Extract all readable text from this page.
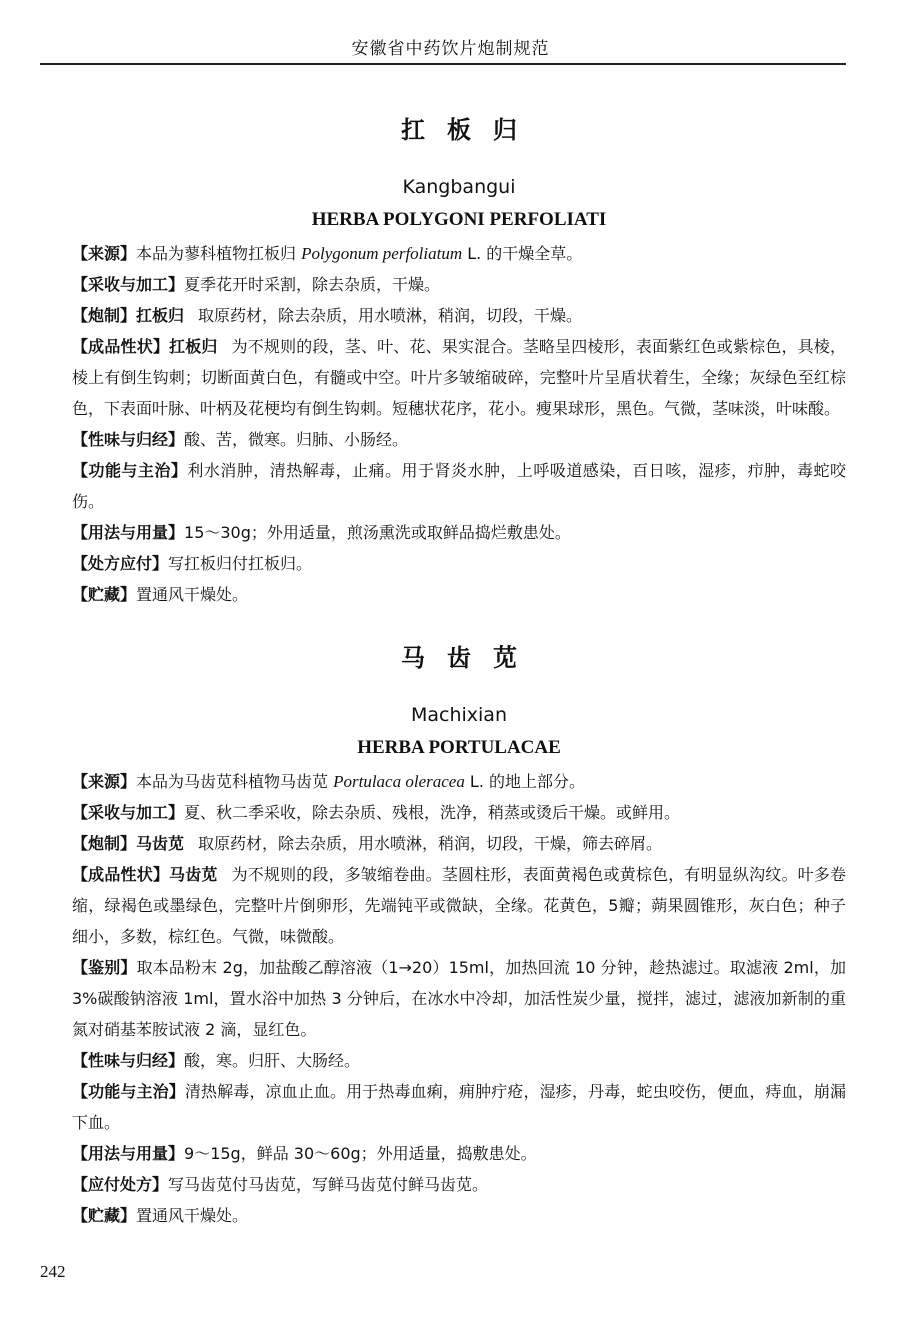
安徽省中药饮片炮制规范
扛板归
Kangbangui
HERBA POLYGONI PERFOLIATI

【来源】本品为蓼科植物扛板归 Polygonum perfoliatum L. 的干燥全草。

【采收与加工】夏季花开时采割，除去杂质，干燥。

【炮制】扛板归 取原药材，除去杂质，用水喷淋，稍润，切段，干燥。

【成品性状】扛板归 为不规则的段，茎、叶、花、果实混合。茎略呈四棱形，表面紫红色或紫棕色，具棱，棱上有倒生钩刺；切断面黄白色，有髓或中空。叶片多皱缩破碎，完整叶片呈盾状着生，全缘；灰绿色至红棕色，下表面叶脉、叶柄及花梗均有倒生钩刺。短穗状花序，花小。瘦果球形，黑色。气微，茎味淡，叶味酸。

【性味与归经】酸、苦，微寒。归肺、小肠经。

【功能与主治】利水消肿，清热解毒，止痛。用于肾炎水肿，上呼吸道感染，百日咳，湿疹，疖肿，毒蛇咬伤。

【用法与用量】15～30g；外用适量，煎汤熏洗或取鲜品捣烂敷患处。

【处方应付】写扛板归付扛板归。

【贮藏】置通风干燥处。

马齿苋
Machixian
HERBA PORTULACAE

【来源】本品为马齿苋科植物马齿苋 Portulaca oleracea L. 的地上部分。

【采收与加工】夏、秋二季采收，除去杂质、残根，洗净，稍蒸或烫后干燥。或鲜用。

【炮制】马齿苋 取原药材，除去杂质，用水喷淋，稍润，切段，干燥，筛去碎屑。

【成品性状】马齿苋 为不规则的段，多皱缩卷曲。茎圆柱形，表面黄褐色或黄棕色，有明显纵沟纹。叶多卷缩，绿褐色或墨绿色，完整叶片倒卵形，先端钝平或微缺，全缘。花黄色，5瓣；蒴果圆锥形，灰白色；种子细小，多数，棕红色。气微，味微酸。

【鉴别】取本品粉末 2g，加盐酸乙醇溶液（1→20）15ml，加热回流 10 分钟，趁热滤过。取滤液 2ml，加 3%碳酸钠溶液 1ml，置水浴中加热 3 分钟后，在冰水中冷却，加活性炭少量，搅拌，滤过，滤液加新制的重氮对硝基苯胺试液 2 滴，显红色。

【性味与归经】酸，寒。归肝、大肠经。

【功能与主治】清热解毒，凉血止血。用于热毒血痢，痈肿疔疮，湿疹，丹毒，蛇虫咬伤，便血，痔血，崩漏下血。

【用法与用量】9～15g，鲜品 30～60g；外用适量，捣敷患处。

【应付处方】写马齿苋付马齿苋，写鲜马齿苋付鲜马齿苋。

【贮藏】置通风干燥处。

242
